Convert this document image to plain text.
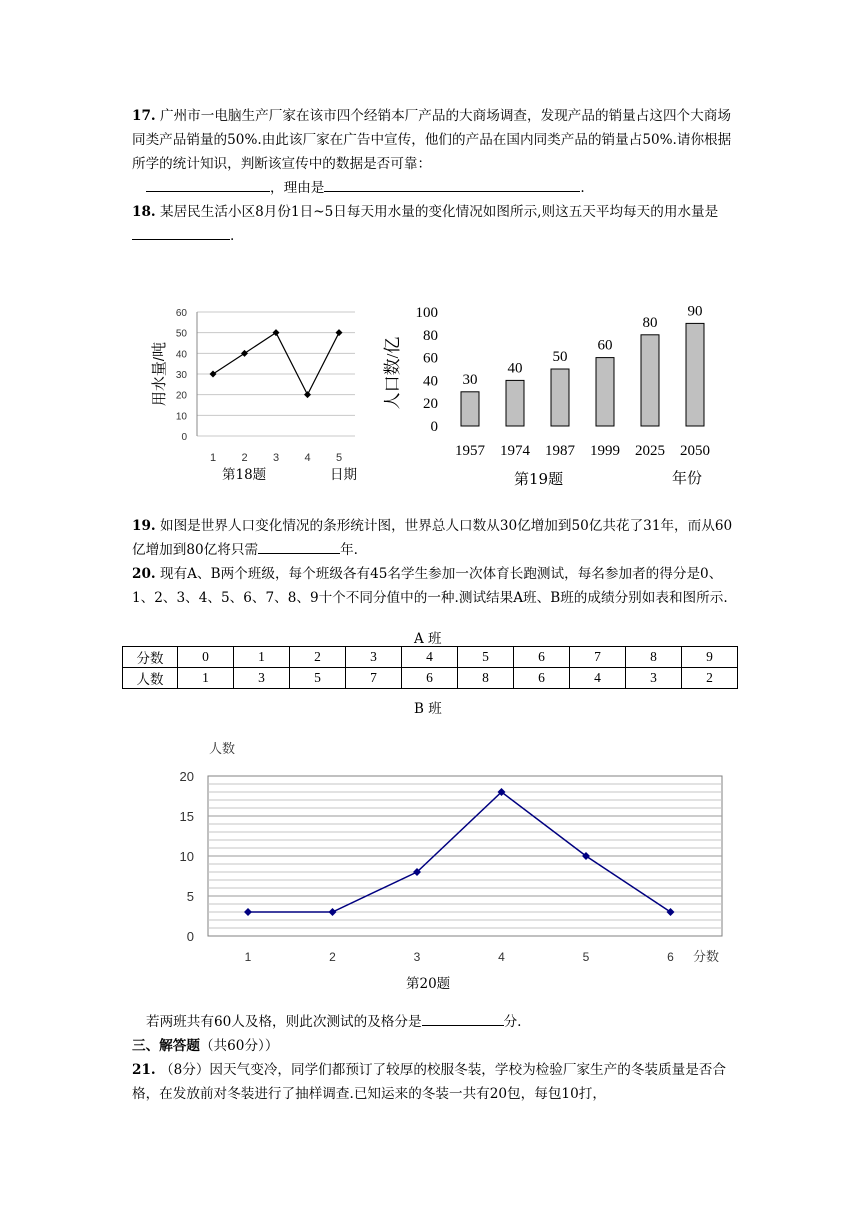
17. 广州市一电脑生产厂家在该市四个经销本厂产品的大商场调查，发现产品的销量占这四个大商场同类产品销量的50%.由此该厂家在广告中宣传，他们的产品在国内同类产品的销量占50%.请你根据所学的统计知识，判断该宣传中的数据是否可靠：
，理由是	.
18. 某居民生活小区8月份1日~5日每天用水量的变化情况如图所示,则这五天平均每天的用水量是.
0
10
20
30
40
50
60
1 2 3 4 5
用水量/吨
第18题	日期
0
20
40
60
80
100
30
1957
40
1974
50
1987
60
1999
80
2025
90
2050
人口数/亿
第19题	年份
19. 如图是世界人口变化情况的条形统计图，世界总人口数从30亿增加到50亿共花了31年，而从60亿增加到80亿将只需	年.
20. 现有A、B两个班级，每个班级各有45名学生参加一次体育长跑测试，每名参加者的得分是0、1、2、3、4、5、6、7、8、9十个不同分值中的一种.测试结果A班、B班的成绩分别如表和图所示.
A 班
分数	0	1	2	3	4	5	6	7	8	9
人数	1	3	5	7	6	8	6	4	3	2
B 班
0
5
10
15
20
1	2	3	4	5	6 分数
人数
第20题
若两班共有60人及格，则此次测试的及格分是	分.
三、解答题（共60分））
21. （8分）因天气变冷，同学们都预订了较厚的校服冬装，学校为检验厂家生产的冬装质量是否合格，在发放前对冬装进行了抽样调查.已知运来的冬装一共有20包，每包10打，
